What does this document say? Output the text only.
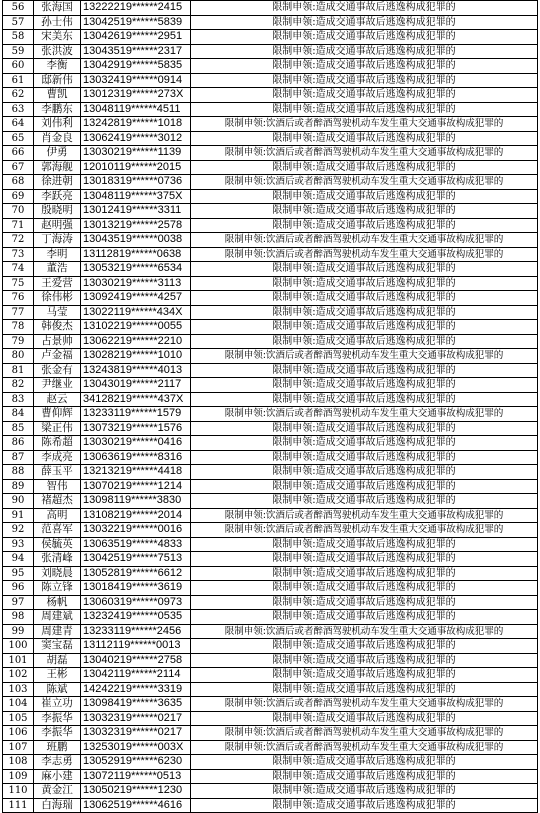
56	张海国	13222219******2415	限制申领:造成交通事故后逃逸构成犯罪的
57	孙士伟	13042519******5839	限制申领:造成交通事故后逃逸构成犯罪的
58	宋美东	13042619******2951	限制申领:造成交通事故后逃逸构成犯罪的
59	张洪波	13043519******2317	限制申领:造成交通事故后逃逸构成犯罪的
60	李衡	13042919******5835	限制申领:造成交通事故后逃逸构成犯罪的
61	邸新伟	13032419******0914	限制申领:造成交通事故后逃逸构成犯罪的
62	曹凯	13012319******273X	限制申领:造成交通事故后逃逸构成犯罪的
63	李鹏东	13048119******4511	限制申领:造成交通事故后逃逸构成犯罪的
64	刘伟利	13242819******1018	限制申领:饮酒后或者醉酒驾驶机动车发生重大交通事故构成犯罪的
65	肖金良	13062419******3012	限制申领:造成交通事故后逃逸构成犯罪的
66	伊勇	13030219******1139	限制申领:饮酒后或者醉酒驾驶机动车发生重大交通事故构成犯罪的
67	郭海舰	12010119******2015	限制申领:造成交通事故后逃逸构成犯罪的
68	徐进朝	13018319******0736	限制申领:饮酒后或者醉酒驾驶机动车发生重大交通事故构成犯罪的
69	李跃亮	13048119******375X	限制申领:造成交通事故后逃逸构成犯罪的
70	殷晓明	13012419******3311	限制申领:造成交通事故后逃逸构成犯罪的
71	赵明强	13013219******2578	限制申领:造成交通事故后逃逸构成犯罪的
72	丁海涛	13043519******0038	限制申领:饮酒后或者醉酒驾驶机动车发生重大交通事故构成犯罪的
73	李明	13112819******0638	限制申领:饮酒后或者醉酒驾驶机动车发生重大交通事故构成犯罪的
74	董浩	13053219******6534	限制申领:造成交通事故后逃逸构成犯罪的
75	王爱营	13030219******3113	限制申领:造成交通事故后逃逸构成犯罪的
76	徐伟彬	13092419******4257	限制申领:造成交通事故后逃逸构成犯罪的
77	马莹	13022119******434X	限制申领:造成交通事故后逃逸构成犯罪的
78	韩俊杰	13102219******0055	限制申领:造成交通事故后逃逸构成犯罪的
79	占景帅	13062219******2210	限制申领:造成交通事故后逃逸构成犯罪的
80	卢金福	13028219******1010	限制申领:饮酒后或者醉酒驾驶机动车发生重大交通事故构成犯罪的
81	张金有	13243819******4013	限制申领:造成交通事故后逃逸构成犯罪的
82	尹继业	13043019******2117	限制申领:造成交通事故后逃逸构成犯罪的
83	赵云	34128219******437X	限制申领:造成交通事故后逃逸构成犯罪的
84	曹仰辉	13233119******1579	限制申领:饮酒后或者醉酒驾驶机动车发生重大交通事故构成犯罪的
85	梁正伟	13073219******1576	限制申领:造成交通事故后逃逸构成犯罪的
86	陈希超	13030219******0416	限制申领:造成交通事故后逃逸构成犯罪的
87	李成亮	13063619******8316	限制申领:造成交通事故后逃逸构成犯罪的
88	薛玉平	13213219******4418	限制申领:造成交通事故后逃逸构成犯罪的
89	智伟	13070219******1214	限制申领:造成交通事故后逃逸构成犯罪的
90	褚超杰	13098119******3830	限制申领:造成交通事故后逃逸构成犯罪的
91	高明	13108219******2014	限制申领:饮酒后或者醉酒驾驶机动车发生重大交通事故构成犯罪的
92	范喜军	13032219******0016	限制申领:饮酒后或者醉酒驾驶机动车发生重大交通事故构成犯罪的
93	侯毓英	13063519******4833	限制申领:造成交通事故后逃逸构成犯罪的
94	张清峰	13042519******7513	限制申领:造成交通事故后逃逸构成犯罪的
95	刘晓晨	13052819******6612	限制申领:造成交通事故后逃逸构成犯罪的
96	陈立锋	13018419******3619	限制申领:造成交通事故后逃逸构成犯罪的
97	杨帆	13060319******0973	限制申领:造成交通事故后逃逸构成犯罪的
98	周建斌	13232419******0535	限制申领:造成交通事故后逃逸构成犯罪的
99	周建青	13233119******2456	限制申领:饮酒后或者醉酒驾驶机动车发生重大交通事故构成犯罪的
100	窦宝磊	13112119******0013	限制申领:造成交通事故后逃逸构成犯罪的
101	胡磊	13040219******2758	限制申领:造成交通事故后逃逸构成犯罪的
102	王彬	13042119******2114	限制申领:造成交通事故后逃逸构成犯罪的
103	陈斌	14242219******3319	限制申领:造成交通事故后逃逸构成犯罪的
104	崔立功	13098419******3635	限制申领:饮酒后或者醉酒驾驶机动车发生重大交通事故构成犯罪的
105	李振华	13032319******0217	限制申领:造成交通事故后逃逸构成犯罪的
106	李振华	13032319******0217	限制申领:饮酒后或者醉酒驾驶机动车发生重大交通事故构成犯罪的
107	班鹏	13253019******003X	限制申领:饮酒后或者醉酒驾驶机动车发生重大交通事故构成犯罪的
108	李志勇	13052919******6230	限制申领:造成交通事故后逃逸构成犯罪的
109	麻小建	13072119******0513	限制申领:造成交通事故后逃逸构成犯罪的
110	黄金江	13050219******1230	限制申领:造成交通事故后逃逸构成犯罪的
111	白海瑞	13062519******4616	限制申领:造成交通事故后逃逸构成犯罪的
